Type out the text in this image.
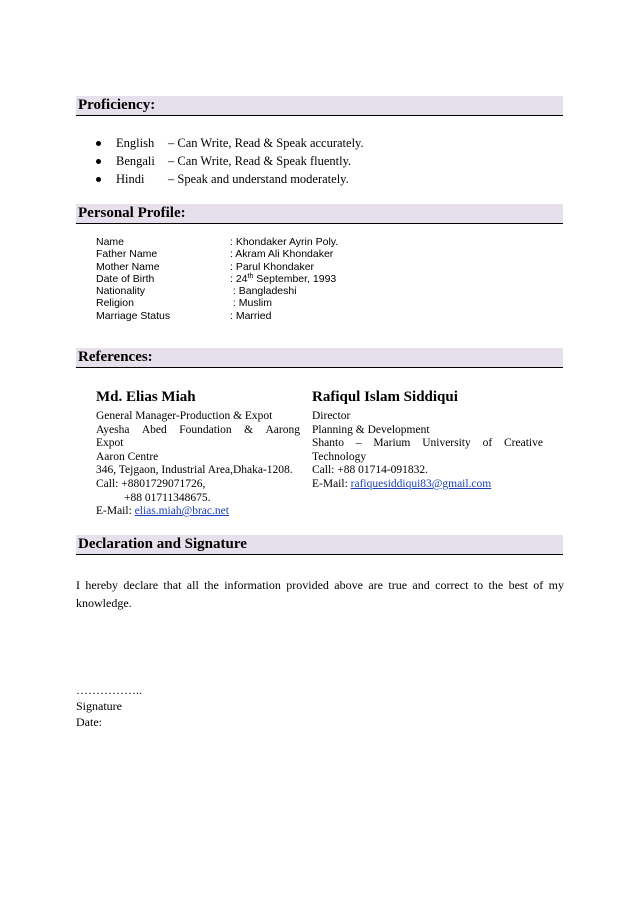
Proficiency:
English – Can Write, Read & Speak accurately.
Bengali – Can Write, Read & Speak fluently.
Hindi – Speak and understand moderately.
Personal Profile:
Name	: Khondaker Ayrin Poly.
Father Name	: Akram Ali Khondaker
Mother Name	: Parul Khondaker
Date of Birth	: 24th September, 1993
Nationality	: Bangladeshi
Religion	: Muslim
Marriage Status	: Married
References:
Md. Elias Miah
General Manager-Production & Expot
Ayesha Abed Foundation & Aarong
Expot
Aaron Centre
346, Tejgaon, Industrial Area,Dhaka-1208.
Call: +8801729071726,
+88 01711348675.
E-Mail: elias.miah@brac.net
Rafiqul Islam Siddiqui
Director
Planning & Development
Shanto – Marium University of Creative
Technology
Call: +88 01714-091832.
E-Mail: rafiquesiddiqui83@gmail.com
Declaration and Signature
I hereby declare that all the information provided above are true and correct to the best of my knowledge.
……………..
Signature
Date:
